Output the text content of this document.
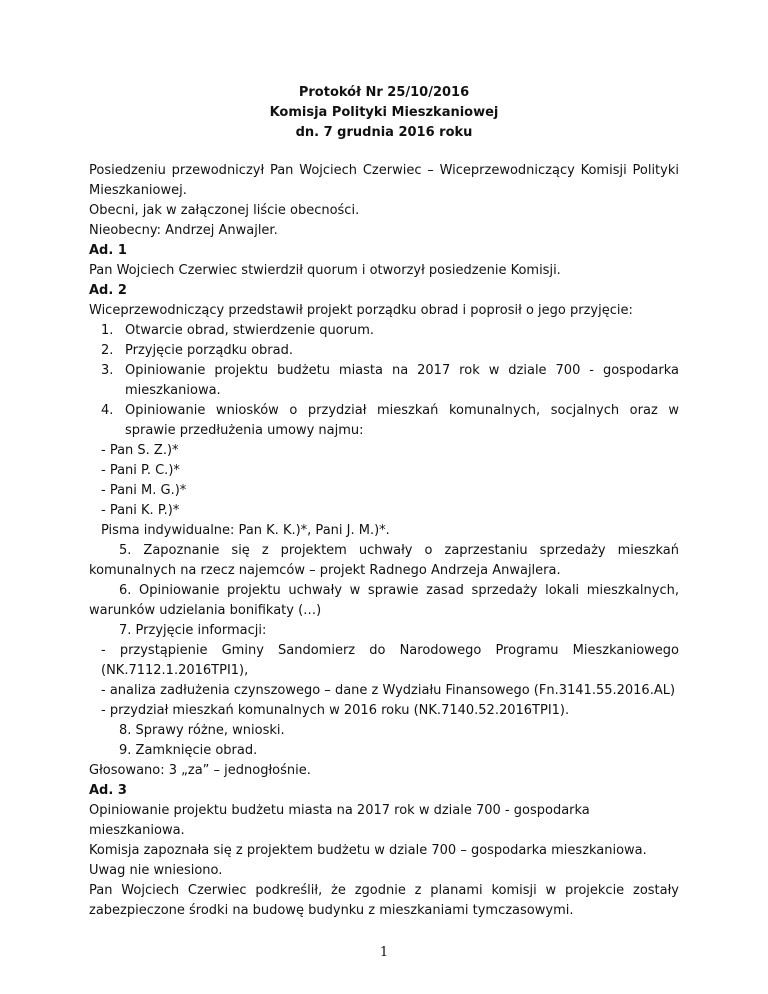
Protokół Nr 25/10/2016
Komisja Polityki Mieszkaniowej
dn. 7 grudnia 2016 roku
Posiedzeniu przewodniczył Pan Wojciech Czerwiec – Wiceprzewodniczący Komisji Polityki Mieszkaniowej.
Obecni, jak w załączonej liście obecności.
Nieobecny: Andrzej Anwajler.
Ad. 1
Pan Wojciech Czerwiec stwierdził quorum i otworzył posiedzenie Komisji.
Ad. 2
Wiceprzewodniczący przedstawił projekt porządku obrad i poprosił o jego przyjęcie:
1. Otwarcie obrad, stwierdzenie quorum.
2. Przyjęcie porządku obrad.
3. Opiniowanie projektu budżetu miasta na 2017 rok w dziale 700 - gospodarka mieszkaniowa.
4. Opiniowanie wniosków o przydział mieszkań komunalnych, socjalnych oraz w sprawie przedłużenia umowy najmu:
- Pan S. Z.)*
- Pani P. C.)*
- Pani M. G.)*
- Pani K. P.)*
Pisma indywidualne: Pan K. K.)*, Pani J. M.)*.
5. Zapoznanie się z projektem uchwały o zaprzestaniu sprzedaży mieszkań komunalnych na rzecz najemców – projekt Radnego Andrzeja Anwajlera.
6. Opiniowanie projektu uchwały w sprawie zasad sprzedaży lokali mieszkalnych, warunków udzielania bonifikaty (…)
7. Przyjęcie informacji:
- przystąpienie Gminy Sandomierz do Narodowego Programu Mieszkaniowego (NK.7112.1.2016TPI1),
- analiza zadłużenia czynszowego – dane z Wydziału Finansowego (Fn.3141.55.2016.AL)
- przydział mieszkań komunalnych w 2016 roku (NK.7140.52.2016TPI1).
8. Sprawy różne, wnioski.
9. Zamknięcie obrad.
Głosowano: 3 „za” – jednogłośnie.
Ad. 3
Opiniowanie projektu budżetu miasta na 2017 rok w dziale 700 - gospodarka mieszkaniowa.
Komisja zapoznała się z projektem budżetu w dziale 700 – gospodarka mieszkaniowa.
Uwag nie wniesiono.
Pan Wojciech Czerwiec podkreślił, że zgodnie z planami komisji w projekcie zostały zabezpieczone środki na budowę budynku z mieszkaniami tymczasowymi.
1
